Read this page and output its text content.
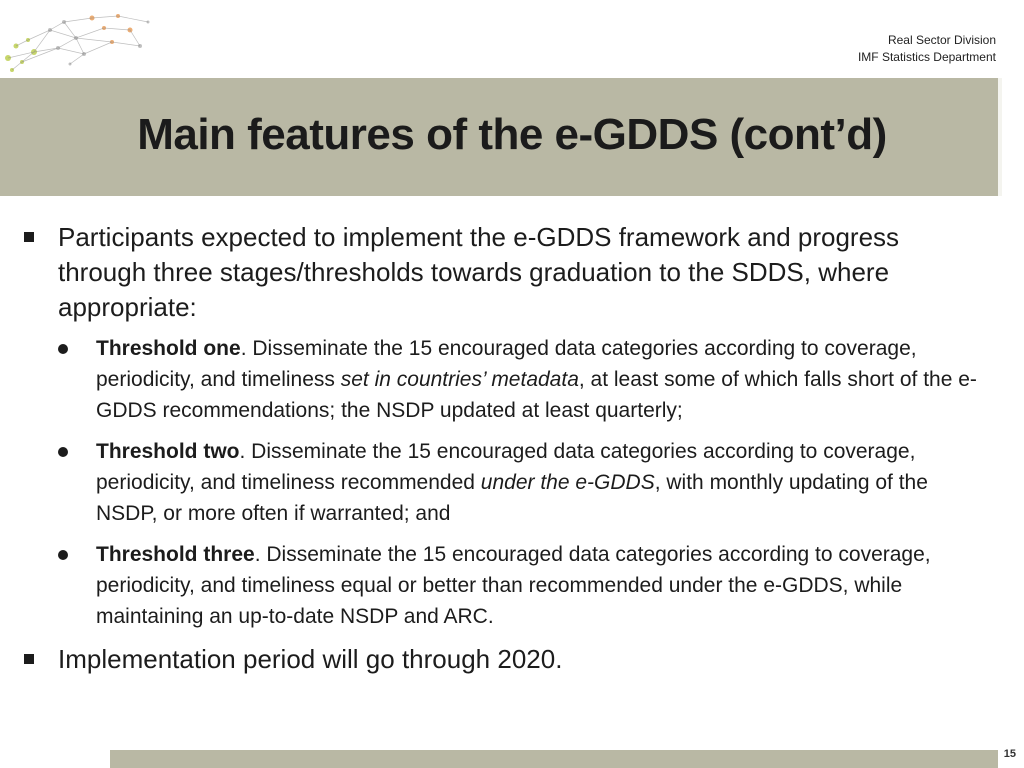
Real Sector Division
IMF Statistics Department
Main features of the e-GDDS (cont’d)
Participants expected to implement the e-GDDS framework and progress through three stages/thresholds towards graduation to the SDDS, where appropriate:
Threshold one. Disseminate the 15 encouraged data categories according to coverage, periodicity, and timeliness set in countries’ metadata, at least some of which falls short of the e-GDDS recommendations; the NSDP updated at least quarterly;
Threshold two. Disseminate the 15 encouraged data categories according to coverage, periodicity, and timeliness recommended under the e-GDDS, with monthly updating of the NSDP, or more often if warranted; and
Threshold three. Disseminate the 15 encouraged data categories according to coverage, periodicity, and timeliness equal or better than recommended under the e-GDDS, while maintaining an up-to-date NSDP and ARC.
Implementation period will go through 2020.
15
